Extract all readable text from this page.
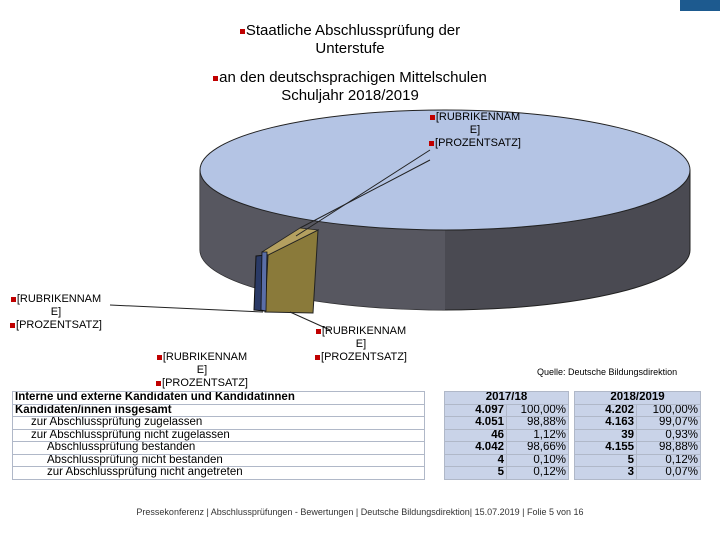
Staatliche Abschlussprüfung der
Unterstufe
an den deutschsprachigen Mittelschulen
Schuljahr 2018/2019
[RUBRIKENNAM
E]
[PROZENTSATZ]
[RUBRIKENNAM
E]
[PROZENTSATZ]	[RUBRIKENNAM
E]
[PROZENTSATZ]
[RUBRIKENNAM
E]
[PROZENTSATZ]
Quelle: Deutsche Bildungsdirektion
Interne und externe Kandidaten und Kandidatinnen		2017/18			2018/2019	
Kandidaten/innen insgesamt		4.097	100,00%		4.202	100,00%
zur Abschlussprüfung zugelassen		4.051	98,88%		4.163	99,07%
zur Abschlussprüfung nicht zugelassen		46	1,12%		39	0,93%
Abschlussprüfung bestanden		4.042	98,66%		4.155	98,88%
Abschlussprüfung nicht bestanden		4	0,10%		5	0,12%
zur Abschlussprüfung nicht angetreten		5	0,12%		3	0,07%
Pressekonferenz | Abschlussprüfungen - Bewertungen | Deutsche Bildungsdirektion| 15.07.2019 | Folie 5 von 16
